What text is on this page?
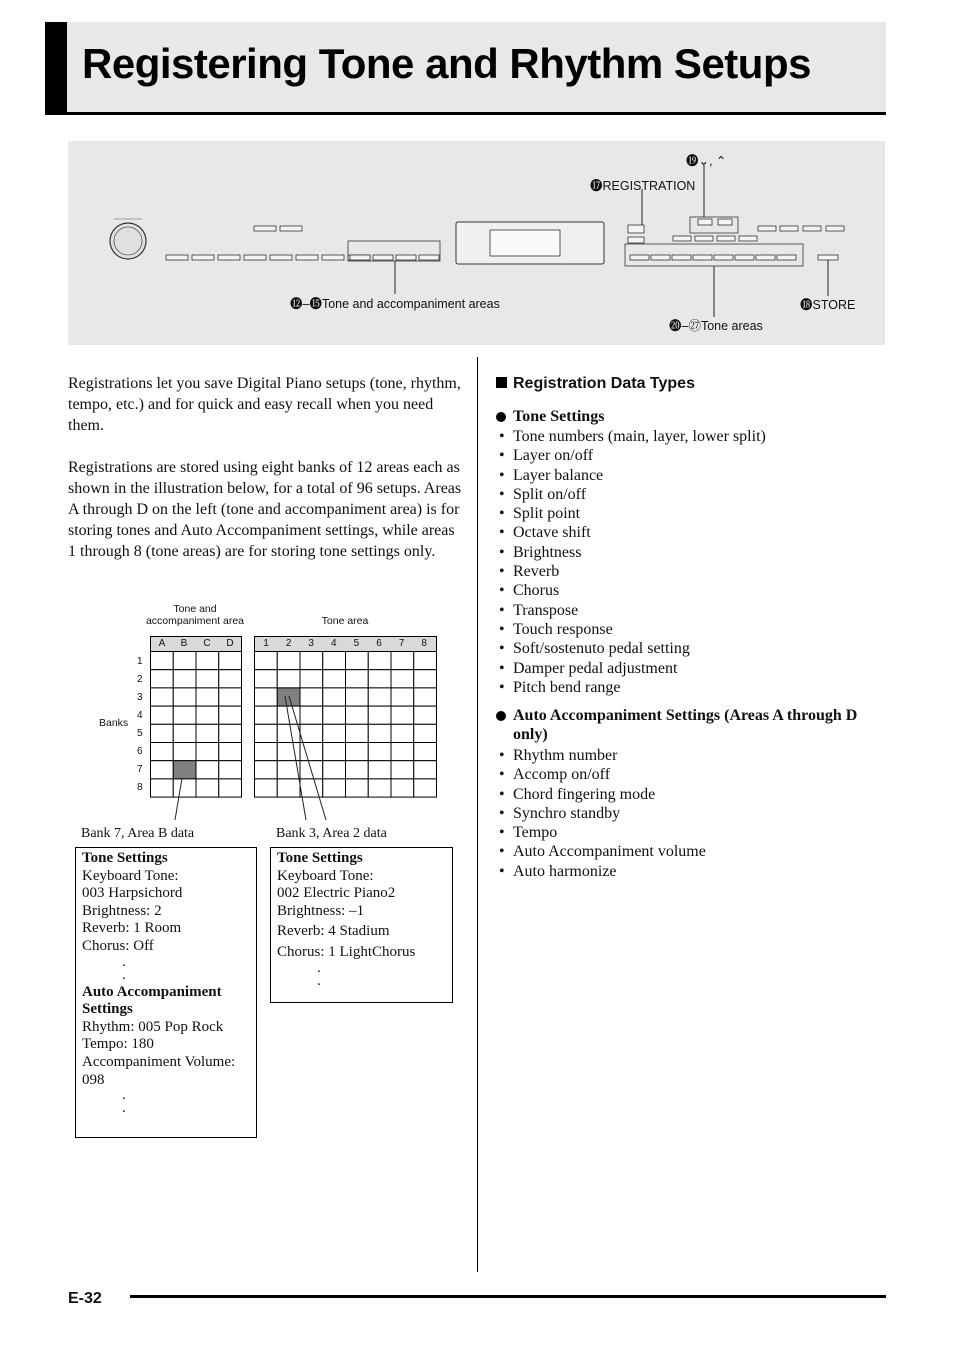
Registering Tone and Rhythm Setups
⓳⌄, ⌃
⓱REGISTRATION
⓬–⓯Tone and accompaniment areas	⓲STORE
⓴–㉗Tone areas
Registrations let you save Digital Piano setups (tone, rhythm, tempo, etc.) and for quick and easy recall when you need them.
Registrations are stored using eight banks of 12 areas each as shown in the illustration below, for a total of 96 setups. Areas A through D on the left (tone and accompaniment area) is for storing tones and Auto Accompaniment settings, while areas 1 through 8 (tone areas) are for storing tone settings only.
Tone and accompaniment area	Tone area
A	B	C	D	1	2	3	4	5	6	7	8
1
2
3
4
5
6
7
8
Banks
Bank 7, Area B data	Bank 3, Area 2 data
Tone Settings
Keyboard Tone:
003 Harpsichord
Brightness: 2
Reverb: 1 Room
Chorus: Off
.
.
Auto Accompaniment
Settings
Rhythm: 005 Pop Rock
Tempo: 180
Accompaniment Volume:
098
.
.
Tone Settings
Keyboard Tone:
002 Electric Piano2
Brightness: –1
Reverb: 4 Stadium
Chorus: 1 LightChorus
.
.
Registration Data Types
Tone Settings
• Tone numbers (main, layer, lower split)
• Layer on/off
• Layer balance
• Split on/off
• Split point
• Octave shift
• Brightness
• Reverb
• Chorus
• Transpose
• Touch response
• Soft/sostenuto pedal setting
• Damper pedal adjustment
• Pitch bend range
Auto Accompaniment Settings (Areas A through D only)
• Rhythm number
• Accomp on/off
• Chord fingering mode
• Synchro standby
• Tempo
• Auto Accompaniment volume
• Auto harmonize
E-32
